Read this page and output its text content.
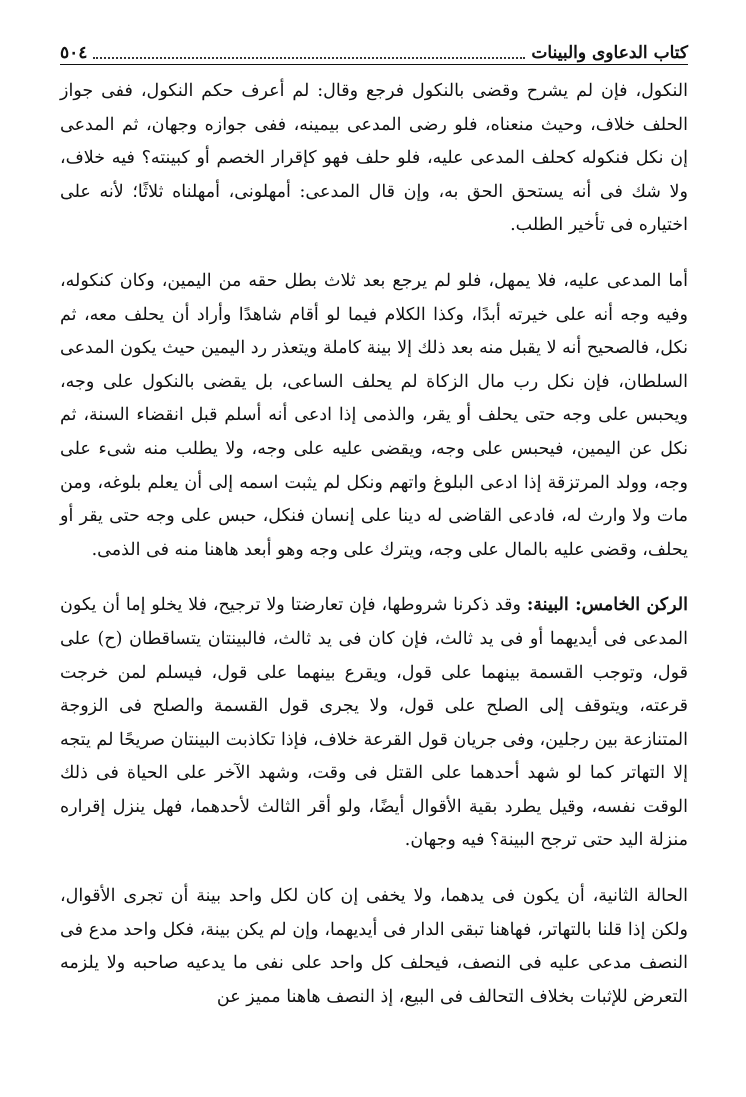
كتاب الدعاوى والبينات
٥٠٤

النكول، فإن لم يشرح وقضى بالنكول فرجع وقال: لم أعرف حكم النكول، ففى جواز الحلف خلاف، وحيث منعناه، فلو رضى المدعى بيمينه، ففى جوازه وجهان، ثم المدعى إن نكل فنكوله كحلف المدعى عليه، فلو حلف فهو كإقرار الخصم أو كبينته؟ فيه خلاف، ولا شك فى أنه يستحق الحق به، وإن قال المدعى: أمهلونى، أمهلناه ثلاثًا؛ لأنه على اختياره فى تأخير الطلب.

أما المدعى عليه، فلا يمهل، فلو لم يرجع بعد ثلاث بطل حقه من اليمين، وكان كنكوله، وفيه وجه أنه على خيرته أبدًا، وكذا الكلام فيما لو أقام شاهدًا وأراد أن يحلف معه، ثم نكل، فالصحيح أنه لا يقبل منه بعد ذلك إلا بينة كاملة ويتعذر رد اليمين حيث يكون المدعى السلطان، فإن نكل رب مال الزكاة لم يحلف الساعى، بل يقضى بالنكول على وجه، ويحبس على وجه حتى يحلف أو يقر، والذمى إذا ادعى أنه أسلم قبل انقضاء السنة، ثم نكل عن اليمين، فيحبس على وجه، ويقضى عليه على وجه، ولا يطلب منه شىء على وجه، وولد المرتزقة إذا ادعى البلوغ واتهم ونكل لم يثبت اسمه إلى أن يعلم بلوغه، ومن مات ولا وارث له، فادعى القاضى له دينا على إنسان فنكل، حبس على وجه حتى يقر أو يحلف، وقضى عليه بالمال على وجه، ويترك على وجه وهو أبعد هاهنا منه فى الذمى.

الركن الخامس: البينة: وقد ذكرنا شروطها، فإن تعارضتا ولا ترجيح، فلا يخلو إما أن يكون المدعى فى أيديهما أو فى يد ثالث، فإن كان فى يد ثالث، فالبينتان يتساقطان (ح) على قول، وتوجب القسمة بينهما على قول، ويقرع بينهما على قول، فيسلم لمن خرجت قرعته، ويتوقف إلى الصلح على قول، ولا يجرى قول القسمة والصلح فى الزوجة المتنازعة بين رجلين، وفى جريان قول القرعة خلاف، فإذا تكاذبت البينتان صريحًا لم يتجه إلا التهاتر كما لو شهد أحدهما على القتل فى وقت، وشهد الآخر على الحياة فى ذلك الوقت نفسه، وقيل يطرد بقية الأقوال أيضًا، ولو أقر الثالث لأحدهما، فهل ينزل إقراره منزلة اليد حتى ترجح البينة؟ فيه وجهان.

الحالة الثانية، أن يكون فى يدهما، ولا يخفى إن كان لكل واحد بينة أن تجرى الأقوال، ولكن إذا قلنا بالتهاتر، فهاهنا تبقى الدار فى أيديهما، وإن لم يكن بينة، فكل واحد مدع فى النصف مدعى عليه فى النصف، فيحلف كل واحد على نفى ما يدعيه صاحبه ولا يلزمه التعرض للإثبات بخلاف التحالف فى البيع، إذ النصف هاهنا مميز عن
